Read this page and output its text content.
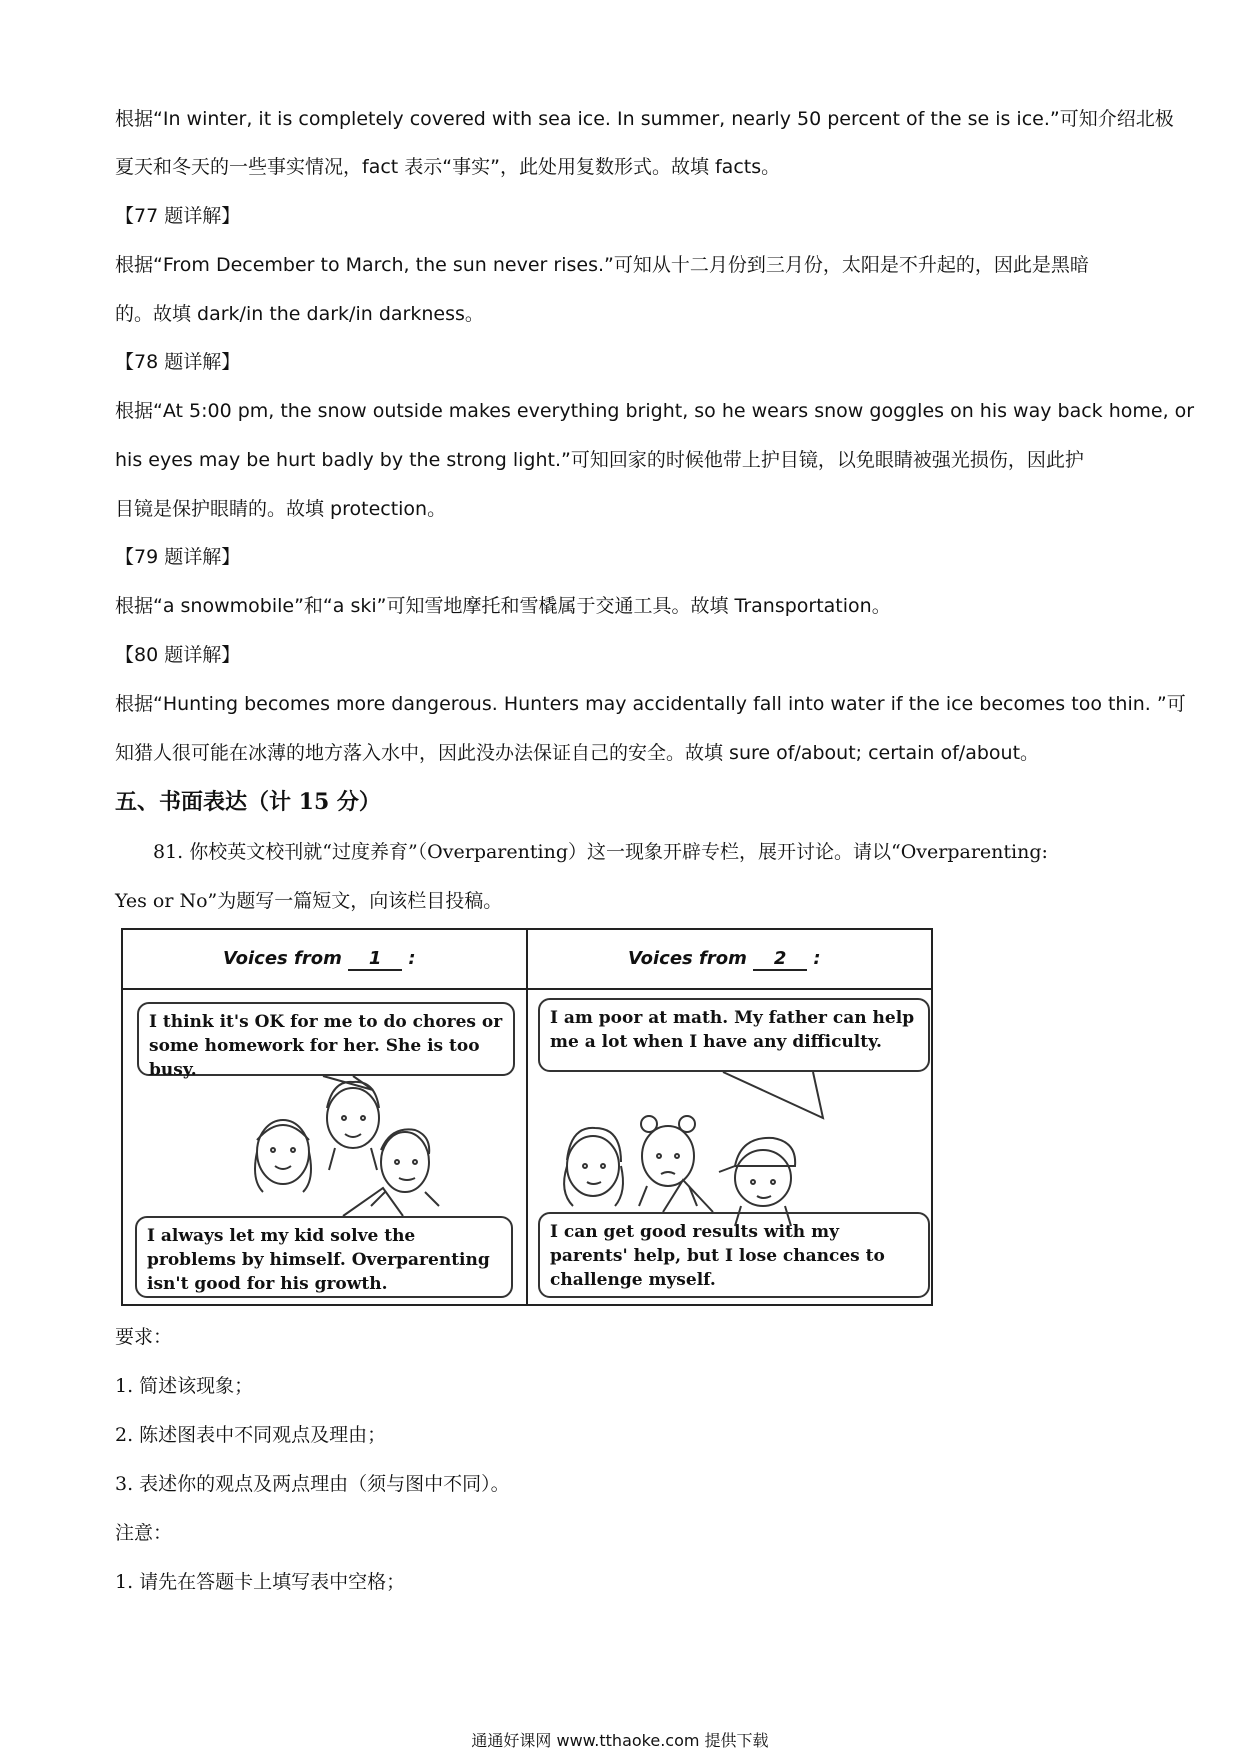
根据“In winter, it is completely covered with sea ice. In summer, nearly 50 percent of the se is ice.”可知介绍北极
夏天和冬天的一些事实情况，fact 表示“事实”，此处用复数形式。故填 facts。
【77 题详解】
根据“From December to March, the sun never rises.”可知从十二月份到三月份，太阳是不升起的，因此是黑暗
的。故填 dark/in the dark/in darkness。
【78 题详解】
根据“At 5:00 pm, the snow outside makes everything bright, so he wears snow goggles on his way back home, or
his eyes may be hurt badly by the strong light.”可知回家的时候他带上护目镜，以免眼睛被强光损伤，因此护
目镜是保护眼睛的。故填 protection。
【79 题详解】
根据“a snowmobile”和“a ski”可知雪地摩托和雪橇属于交通工具。故填 Transportation。
【80 题详解】
根据“Hunting becomes more dangerous. Hunters may accidentally fall into water if the ice becomes too thin. ”可
知猎人很可能在冰薄的地方落入水中，因此没办法保证自己的安全。故填 sure of/about; certain of/about。
五、书面表达（计 15 分）
81. 你校英文校刊就“过度养育”（Overparenting）这一现象开辟专栏，展开讨论。请以“Overparenting:
Yes or No”为题写一篇短文，向该栏目投稿。
Voices from 1 :	Voices from 2 :
I think it's OK for me to do chores or some homework for her. She is too busy.
I always let my kid solve the problems by himself. Overparenting isn't good for his growth.
I am poor at math. My father can help me a lot when I have any difficulty.
I can get good results with my parents' help, but I lose chances to challenge myself.
要求：
1. 简述该现象；
2. 陈述图表中不同观点及理由；
3. 表述你的观点及两点理由（须与图中不同）。
注意：
1. 请先在答题卡上填写表中空格；
通通好课网 www.tthaoke.com 提供下载
